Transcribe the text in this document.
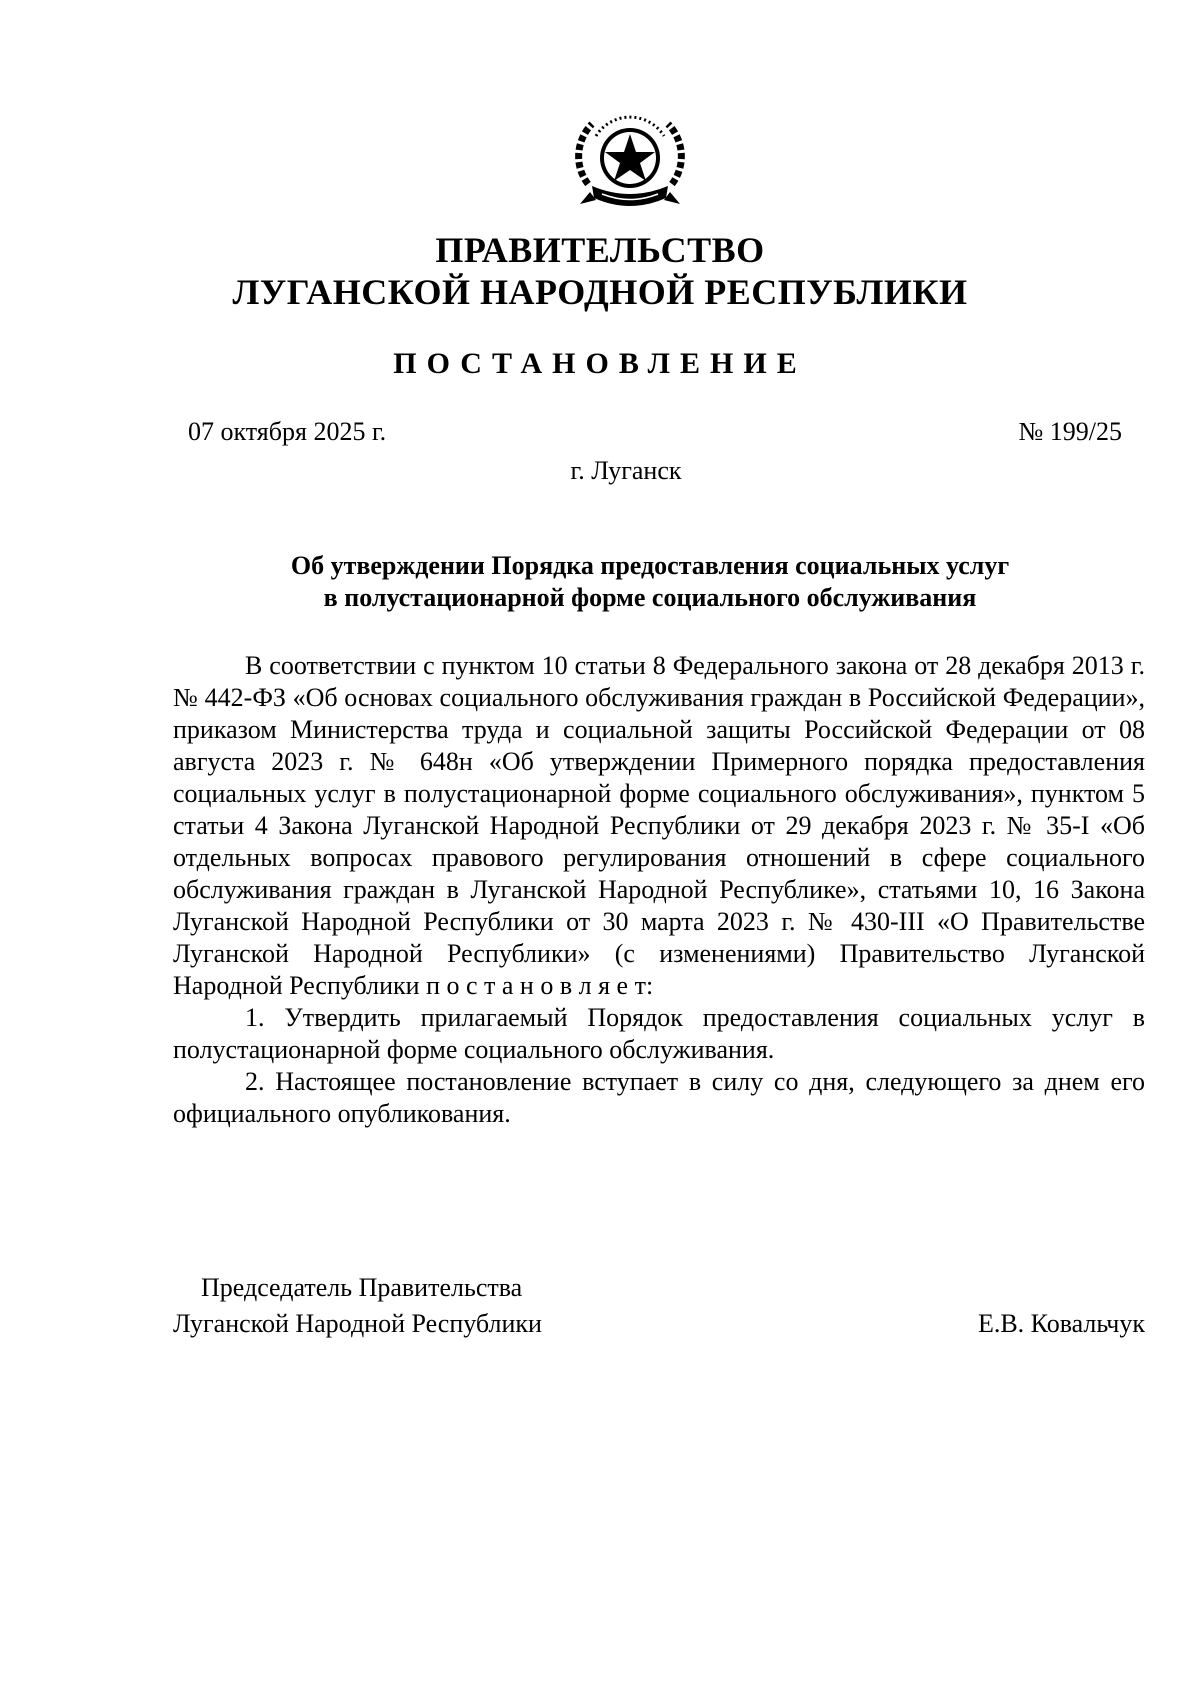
ПРАВИТЕЛЬСТВО
ЛУГАНСКОЙ НАРОДНОЙ РЕСПУБЛИКИ
ПОСТАНОВЛЕНИЕ
07 октября 2025 г.	№ 199/25
г. Луганск
Об утверждении Порядка предоставления социальных услуг
в полустационарной форме социального обслуживания

В соответствии с пунктом 10 статьи 8 Федерального закона от 28 декабря 2013 г. № 442-ФЗ «Об основах социального обслуживания граждан в Российской Федерации», приказом Министерства труда и социальной защиты Российской Федерации от 08 августа 2023 г. № 648н «Об утверждении Примерного порядка предоставления социальных услуг в полустационарной форме социального обслуживания», пунктом 5 статьи 4 Закона Луганской Народной Республики от 29 декабря 2023 г. № 35-I «Об отдельных вопросах правового регулирования отношений в сфере социального обслуживания граждан в Луганской Народной Республике», статьями 10, 16 Закона Луганской Народной Республики от 30 марта 2023 г. № 430-III «О Правительстве Луганской Народной Республики» (с изменениями) Правительство Луганской Народной Республики п о с т а н о в л я е т:

1. Утвердить прилагаемый Порядок предоставления социальных услуг в полустационарной форме социального обслуживания.

2. Настоящее постановление вступает в силу со дня, следующего за днем его официального опубликования.

Председатель Правительства
Луганской Народной Республики	Е.В. Ковальчук
